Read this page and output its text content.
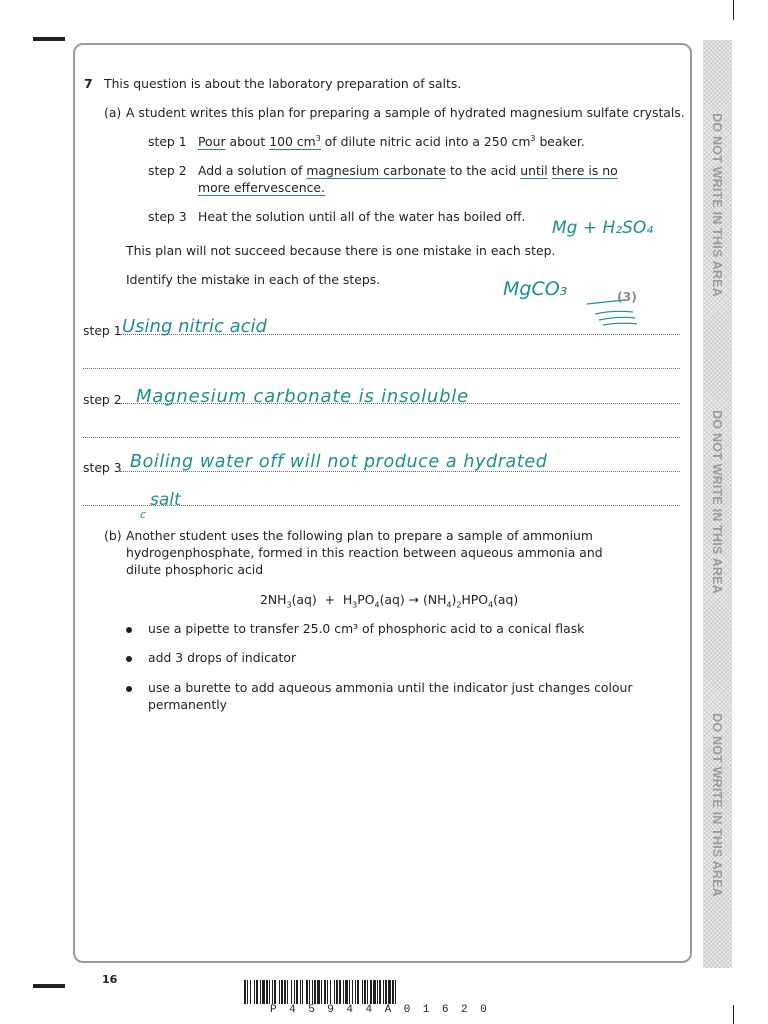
DO NOT WRITE IN THIS AREA
DO NOT WRITE IN THIS AREA
DO NOT WRITE IN THIS AREA
7 This question is about the laboratory preparation of salts.
(a) A student writes this plan for preparing a sample of hydrated magnesium sulfate crystals.
step 1 Pour about 100 $cm^3$ of dilute nitric acid into a 250 $cm^3$ beaker.
step 2 Add a solution of magnesium carbonate to the acid until there is no
more effervescence.
step 3 Heat the solution until all of the water has boiled off.
This plan will not succeed because there is one mistake in each step.
Identify the mistake in each of the steps.
(3)
Mg + H₂SO₄
MgCO₃
step 1 Using nitric acid
step 2 Magnesium carbonate is insoluble
step 3 Boiling water off will not produce a hydrated
salt
c
(b) Another student uses the following plan to prepare a sample of ammonium
hydrogenphosphate, formed in this reaction between aqueous ammonia and
dilute phosphoric acid
$2NH_3(aq) + H_3PO_4(aq) \to (NH_4)_2HPO_4(aq)$
use a pipette to transfer 25.0 cm³ of phosphoric acid to a conical flask
add 3 drops of indicator
use a burette to add aqueous ammonia until the indicator just changes colour
permanently
16
P45944A01620
